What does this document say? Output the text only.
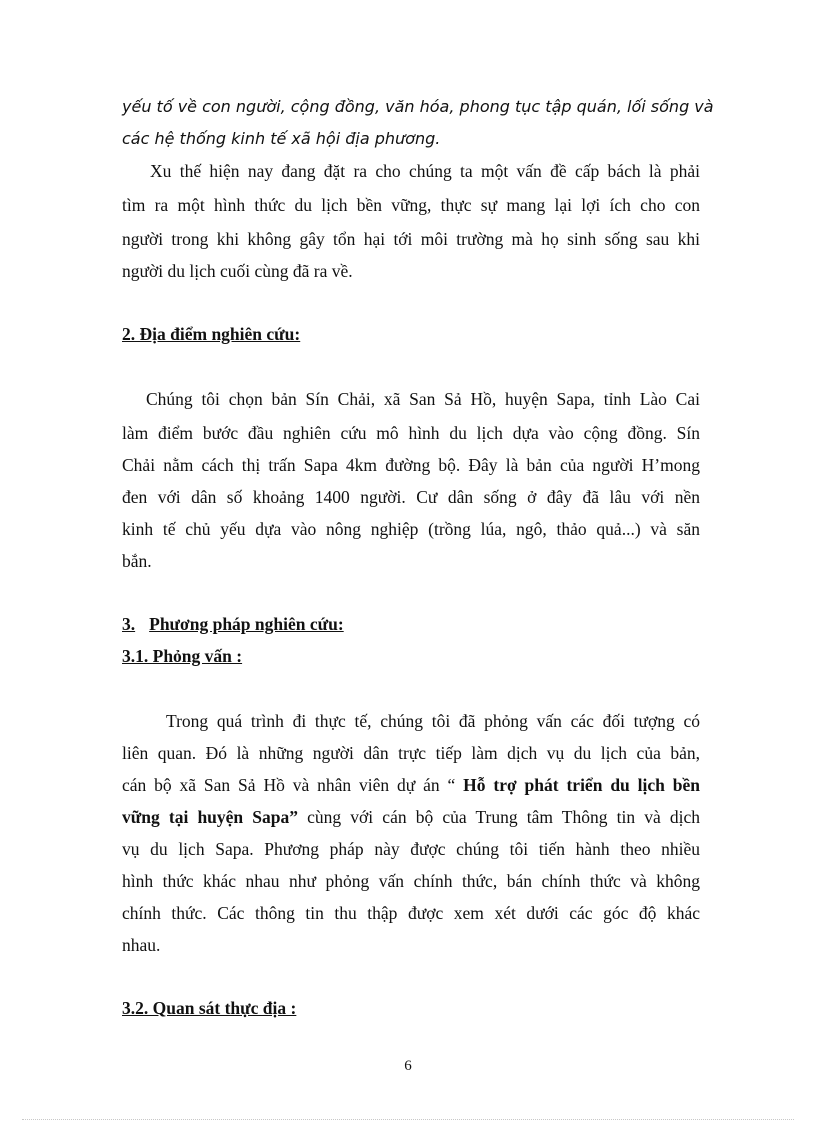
yếu tố về con người, cộng đồng, văn hóa, phong tục tập quán, lối sống và
các hệ thống kinh tế xã hội địa phương.
Xu thế hiện nay đang đặt ra cho chúng ta một vấn đề cấp bách là phải
tìm ra một hình thức du lịch bền vững, thực sự mang lại lợi ích cho con
người trong khi không gây tổn hại tới môi trường mà họ sinh sống sau khi
người du lịch cuối cùng đã ra về.
2. Địa điểm nghiên cứu:
Chúng tôi chọn bản Sín Chải, xã San Sả Hồ, huyện Sapa, tỉnh Lào Cai
làm điểm bước đầu nghiên cứu mô hình du lịch dựa vào cộng đồng. Sín
Chải nằm cách thị trấn Sapa 4km đường bộ. Đây là bản của người H’mong
đen với dân số khoảng 1400 người. Cư dân sống ở đây đã lâu với nền
kinh tế chủ yếu dựa vào nông nghiệp (trồng lúa, ngô, thảo quả...) và săn
bắn.
3. Phương pháp nghiên cứu:
3.1. Phỏng vấn :
Trong quá trình đi thực tế, chúng tôi đã phỏng vấn các đối tượng có
liên quan. Đó là những người dân trực tiếp làm dịch vụ du lịch của bản,
cán bộ xã San Sả Hồ và nhân viên dự án “ Hỗ trợ phát triển du lịch bền
vững tại huyện Sapa” cùng với cán bộ của Trung tâm Thông tin và dịch
vụ du lịch Sapa. Phương pháp này được chúng tôi tiến hành theo nhiều
hình thức khác nhau như phỏng vấn chính thức, bán chính thức và không
chính thức. Các thông tin thu thập được xem xét dưới các góc độ khác
nhau.
3.2. Quan sát thực địa :
6
